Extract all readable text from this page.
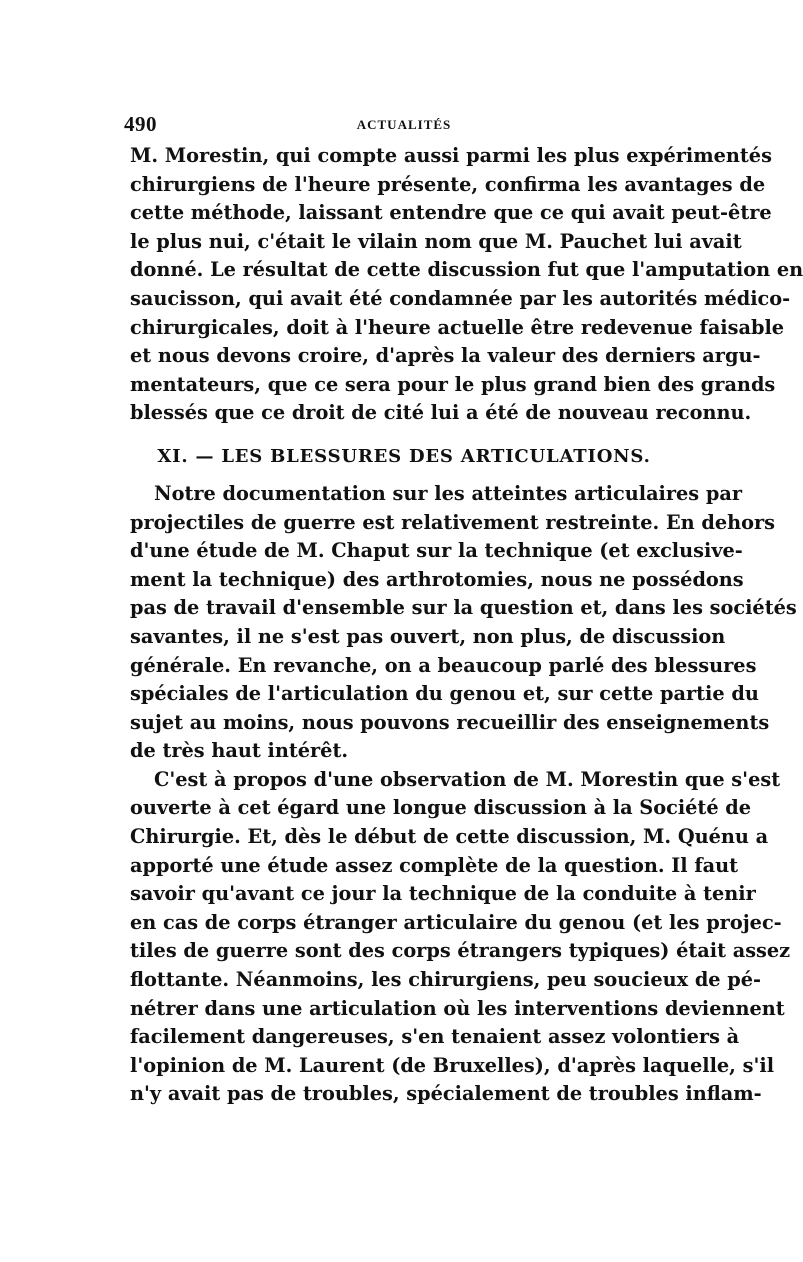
490	ACTUALITÉS
M. Morestin, qui compte aussi parmi les plus expérimentés
chirurgiens de l'heure présente, confirma les avantages de
cette méthode, laissant entendre que ce qui avait peut-être
le plus nui, c'était le vilain nom que M. Pauchet lui avait
donné. Le résultat de cette discussion fut que l'amputation en
saucisson, qui avait été condamnée par les autorités médico-
chirurgicales, doit à l'heure actuelle être redevenue faisable
et nous devons croire, d'après la valeur des derniers argu-
mentateurs, que ce sera pour le plus grand bien des grands
blessés que ce droit de cité lui a été de nouveau reconnu.
XI. — LES BLESSURES DES ARTICULATIONS.
Notre documentation sur les atteintes articulaires par
projectiles de guerre est relativement restreinte. En dehors
d'une étude de M. Chaput sur la technique (et exclusive-
ment la technique) des arthrotomies, nous ne possédons
pas de travail d'ensemble sur la question et, dans les sociétés
savantes, il ne s'est pas ouvert, non plus, de discussion
générale. En revanche, on a beaucoup parlé des blessures
spéciales de l'articulation du genou et, sur cette partie du
sujet au moins, nous pouvons recueillir des enseignements
de très haut intérêt.
C'est à propos d'une observation de M. Morestin que s'est
ouverte à cet égard une longue discussion à la Société de
Chirurgie. Et, dès le début de cette discussion, M. Quénu a
apporté une étude assez complète de la question. Il faut
savoir qu'avant ce jour la technique de la conduite à tenir
en cas de corps étranger articulaire du genou (et les projec-
tiles de guerre sont des corps étrangers typiques) était assez
flottante. Néanmoins, les chirurgiens, peu soucieux de pé-
nétrer dans une articulation où les interventions deviennent
facilement dangereuses, s'en tenaient assez volontiers à
l'opinion de M. Laurent (de Bruxelles), d'après laquelle, s'il
n'y avait pas de troubles, spécialement de troubles inflam-
